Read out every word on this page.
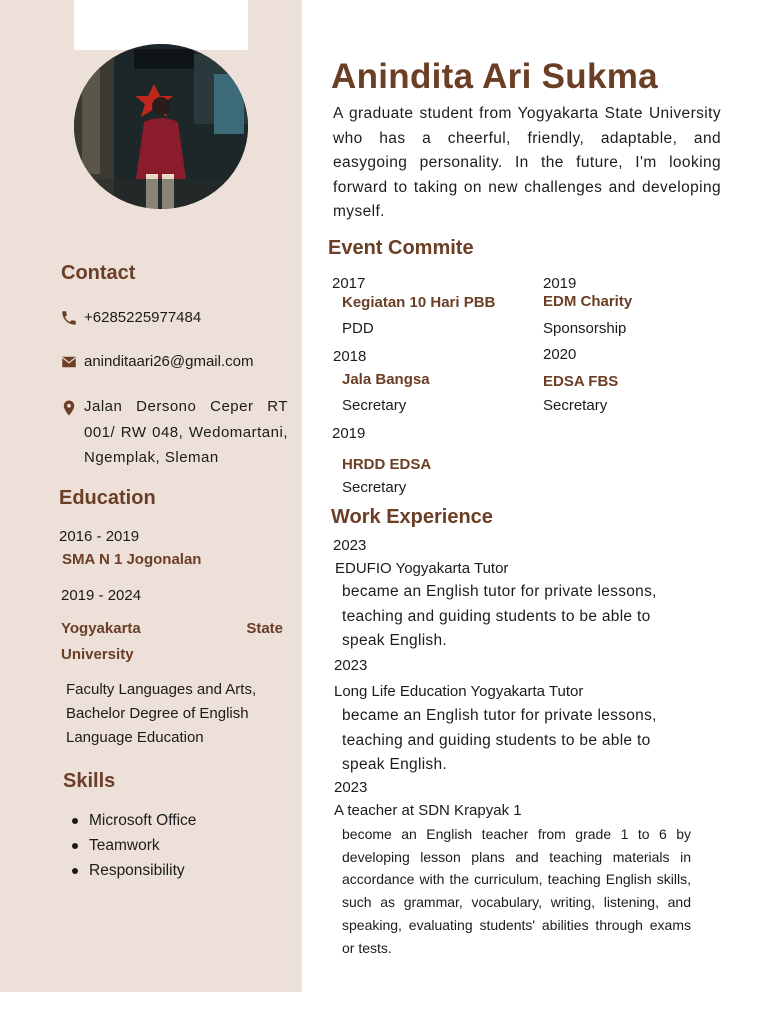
Contact
+6285225977484
aninditaari26@gmail.com
Jalan Dersono Ceper RT 001/ RW 048, Wedomartani, Ngemplak, Sleman
Education
2016 - 2019
SMA N 1 Jogonalan
2019 - 2024
Yogyakarta	State
University
Faculty Languages and Arts, Bachelor Degree of English Language Education
Skills
Microsoft Office
Teamwork
Responsibility
Anindita Ari Sukma
A graduate student from Yogyakarta State University who has a cheerful, friendly, adaptable, and easygoing personality. In the future, I'm looking forward to taking on new challenges and developing myself.
Event Commite
2017
Kegiatan 10 Hari PBB
PDD
2018
Jala Bangsa
Secretary
2019
HRDD EDSA
Secretary
2019
EDM Charity
Sponsorship
2020
EDSA FBS
Secretary
Work Experience
2023
EDUFIO Yogyakarta Tutor
became an English tutor for private lessons, teaching and guiding students to be able to speak English.
2023
Long Life Education Yogyakarta Tutor
became an English tutor for private lessons, teaching and guiding students to be able to speak English.
2023
A teacher at SDN Krapyak 1
become an English teacher from grade 1 to 6 by developing lesson plans and teaching materials in accordance with the curriculum, teaching English skills, such as grammar, vocabulary, writing, listening, and speaking, evaluating students' abilities through exams or tests.
